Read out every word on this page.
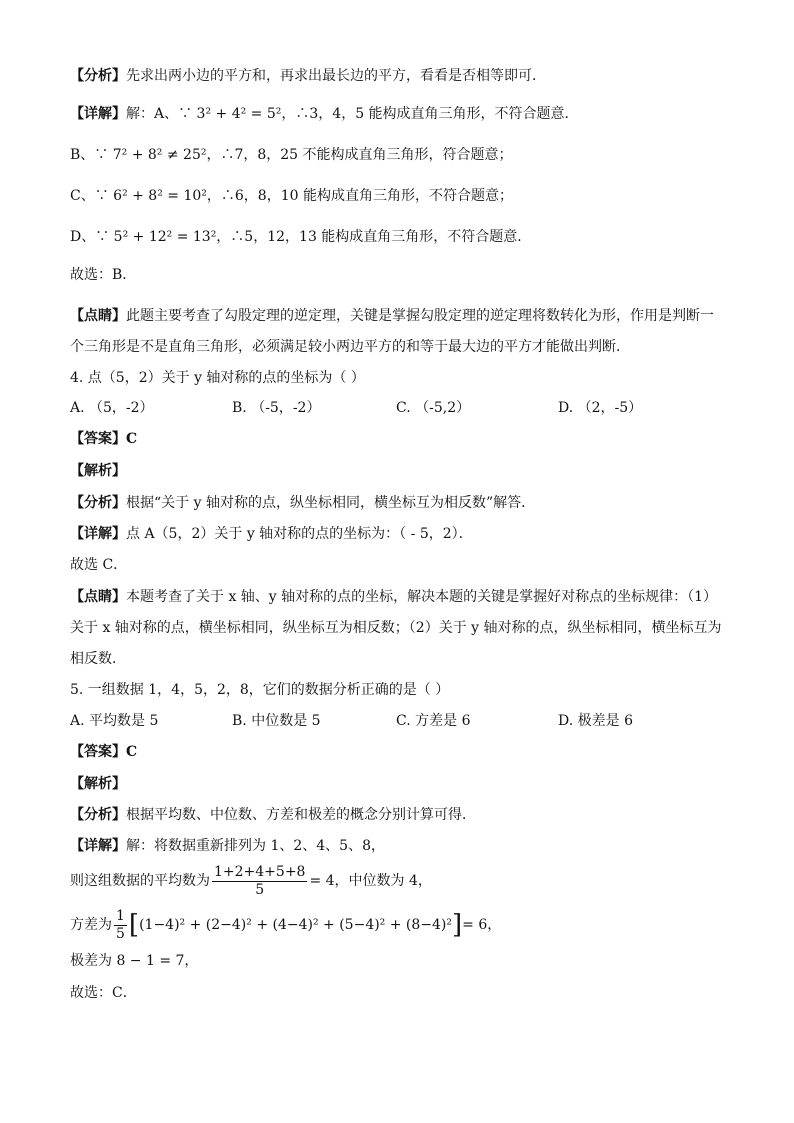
【分析】先求出两小边的平方和，再求出最长边的平方，看看是否相等即可．
【详解】解：A、∵ 3² + 4² = 5²，∴3，4，5 能构成直角三角形，不符合题意．
B、∵ 7² + 8² ≠ 25²，∴7，8，25 不能构成直角三角形，符合题意；
C、∵ 6² + 8² = 10²，∴6，8，10 能构成直角三角形，不符合题意；
D、∵ 5² + 12² = 13²，∴5，12，13 能构成直角三角形，不符合题意．
故选：B．
【点睛】此题主要考查了勾股定理的逆定理，关键是掌握勾股定理的逆定理将数转化为形，作用是判断一
个三角形是不是直角三角形，必须满足较小两边平方的和等于最大边的平方才能做出判断．
4. 点（5，2）关于 y 轴对称的点的坐标为（ ）
A. （5，-2）	B. （-5，-2）	C. （-5,2）	D. （2，-5）
【答案】C
【解析】
【分析】根据“关于 y 轴对称的点，纵坐标相同，横坐标互为相反数”解答．
【详解】点 A（5，2）关于 y 轴对称的点的坐标为：（ - 5，2）．
故选 C．
【点睛】本题考查了关于 x 轴、y 轴对称的点的坐标，解决本题的关键是掌握好对称点的坐标规律：（1）
关于 x 轴对称的点，横坐标相同，纵坐标互为相反数；（2）关于 y 轴对称的点，纵坐标相同，横坐标互为
相反数．
5. 一组数据 1，4，5，2，8，它们的数据分析正确的是（ ）
A. 平均数是 5	B. 中位数是 5	C. 方差是 6	D. 极差是 6
【答案】C
【解析】
【分析】根据平均数、中位数、方差和极差的概念分别计算可得．
【详解】解：将数据重新排列为 1、2、4、5、8，
则这组数据的平均数为 $\frac{1+2+4+5+8}{5} = 4$，中位数为 4，
方差为 $\frac{1}{5} [(1-4)^2 + (2-4)^2 + (4-4)^2 + (5-4)^2 + (8-4)^2]= 6$，
极差为 8 − 1 = 7，
故选：C．
